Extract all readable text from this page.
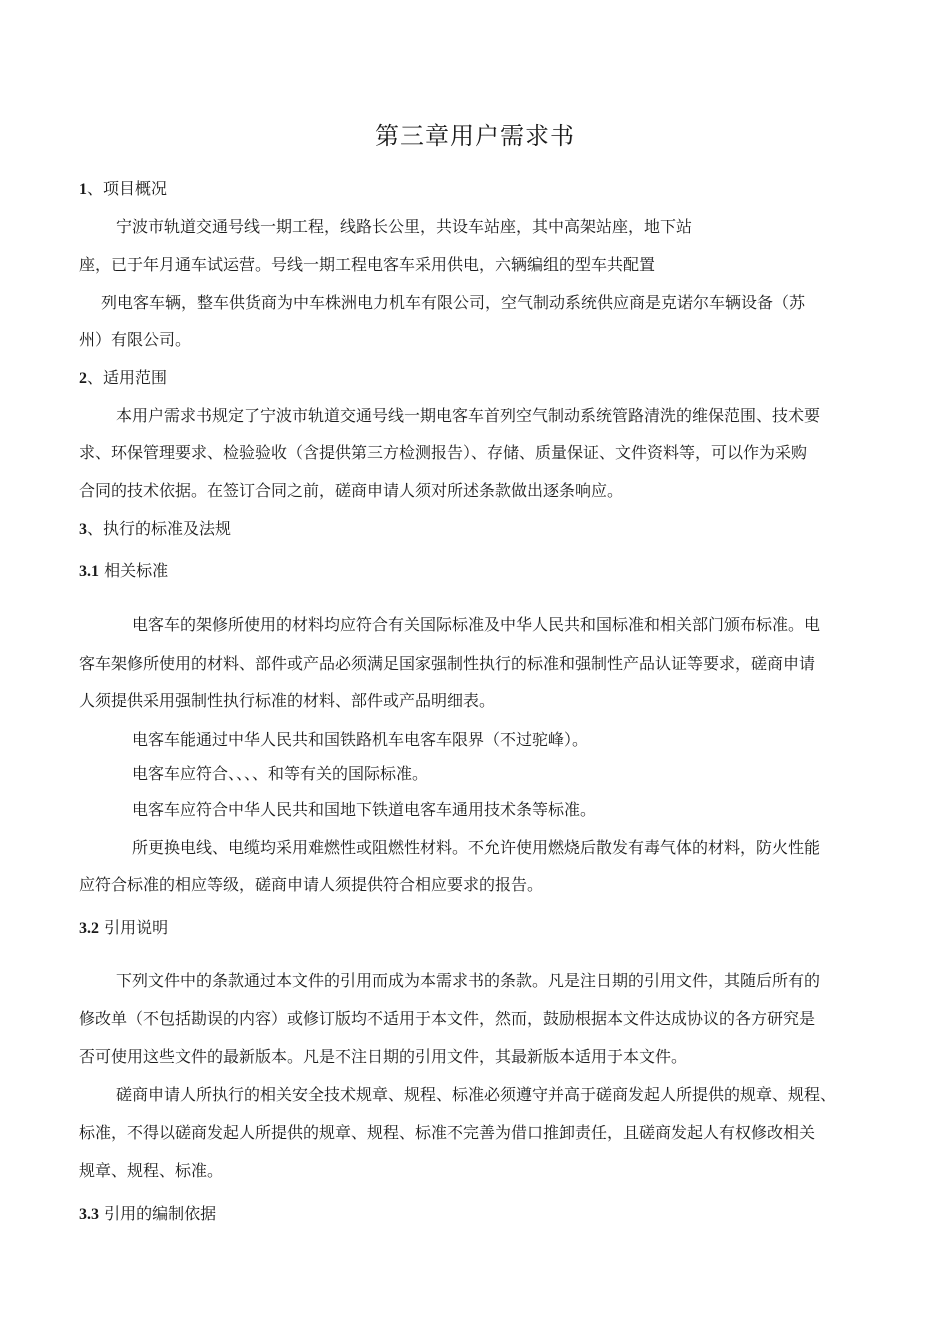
第三章用户需求书
1、项目概况
宁波市轨道交通号线一期工程，线路长公里，共设车站座，其中高架站座，地下站
座，已于年月通车试运营。号线一期工程电客车采用供电，六辆编组的型车共配置
列电客车辆，整车供货商为中车株洲电力机车有限公司，空气制动系统供应商是克诺尔车辆设备（苏
州）有限公司。
2、适用范围
本用户需求书规定了宁波市轨道交通号线一期电客车首列空气制动系统管路清洗的维保范围、技术要
求、环保管理要求、检验验收（含提供第三方检测报告）、存储、质量保证、文件资料等，可以作为采购
合同的技术依据。在签订合同之前，磋商申请人须对所述条款做出逐条响应。
3、执行的标准及法规
3.1 相关标准
电客车的架修所使用的材料均应符合有关国际标准及中华人民共和国标准和相关部门颁布标准。电
客车架修所使用的材料、部件或产品必须满足国家强制性执行的标准和强制性产品认证等要求，磋商申请
人须提供采用强制性执行标准的材料、部件或产品明细表。
电客车能通过中华人民共和国铁路机车电客车限界（不过驼峰）。
电客车应符合、、、、和等有关的国际标准。
电客车应符合中华人民共和国地下铁道电客车通用技术条等标准。
所更换电线、电缆均采用难燃性或阻燃性材料。不允许使用燃烧后散发有毒气体的材料，防火性能
应符合标准的相应等级，磋商申请人须提供符合相应要求的报告。
3.2 引用说明
下列文件中的条款通过本文件的引用而成为本需求书的条款。凡是注日期的引用文件，其随后所有的
修改单（不包括勘误的内容）或修订版均不适用于本文件，然而，鼓励根据本文件达成协议的各方研究是
否可使用这些文件的最新版本。凡是不注日期的引用文件，其最新版本适用于本文件。
磋商申请人所执行的相关安全技术规章、规程、标准必须遵守并高于磋商发起人所提供的规章、规程、
标准，不得以磋商发起人所提供的规章、规程、标准不完善为借口推卸责任，且磋商发起人有权修改相关
规章、规程、标准。
3.3 引用的编制依据
